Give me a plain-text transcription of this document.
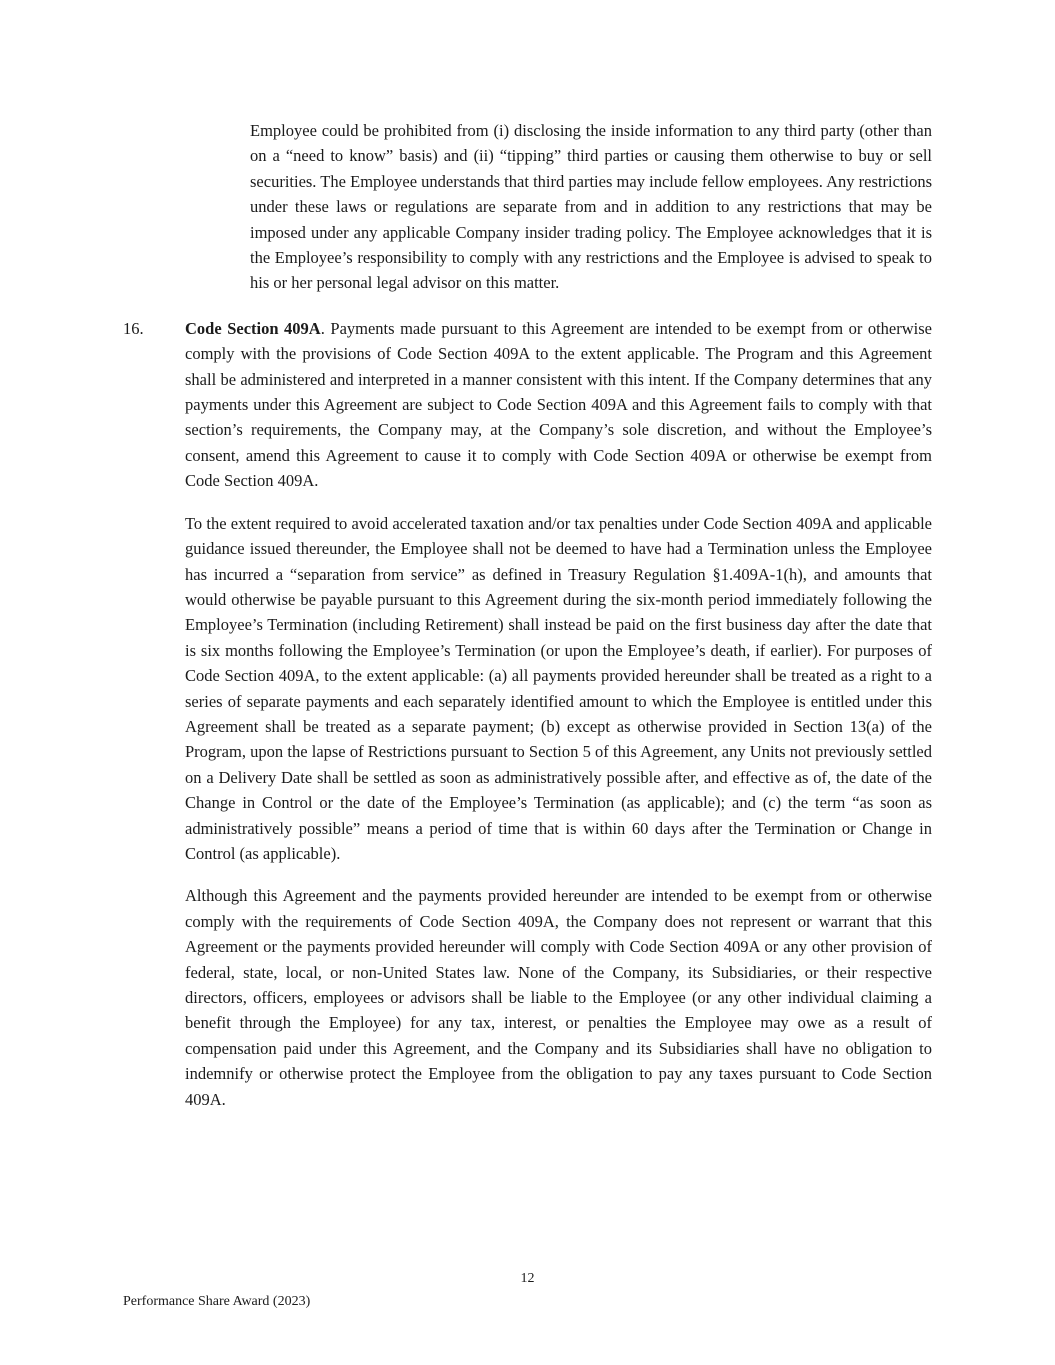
Employee could be prohibited from (i) disclosing the inside information to any third party (other than on a “need to know” basis) and (ii) “tipping” third parties or causing them otherwise to buy or sell securities. The Employee understands that third parties may include fellow employees. Any restrictions under these laws or regulations are separate from and in addition to any restrictions that may be imposed under any applicable Company insider trading policy. The Employee acknowledges that it is the Employee’s responsibility to comply with any restrictions and the Employee is advised to speak to his or her personal legal advisor on this matter.

16.	Code Section 409A. Payments made pursuant to this Agreement are intended to be exempt from or otherwise comply with the provisions of Code Section 409A to the extent applicable. The Program and this Agreement shall be administered and interpreted in a manner consistent with this intent. If the Company determines that any payments under this Agreement are subject to Code Section 409A and this Agreement fails to comply with that section’s requirements, the Company may, at the Company’s sole discretion, and without the Employee’s consent, amend this Agreement to cause it to comply with Code Section 409A or otherwise be exempt from Code Section 409A.

To the extent required to avoid accelerated taxation and/or tax penalties under Code Section 409A and applicable guidance issued thereunder, the Employee shall not be deemed to have had a Termination unless the Employee has incurred a “separation from service” as defined in Treasury Regulation §1.409A-1(h), and amounts that would otherwise be payable pursuant to this Agreement during the six-month period immediately following the Employee’s Termination (including Retirement) shall instead be paid on the first business day after the date that is six months following the Employee’s Termination (or upon the Employee’s death, if earlier). For purposes of Code Section 409A, to the extent applicable: (a) all payments provided hereunder shall be treated as a right to a series of separate payments and each separately identified amount to which the Employee is entitled under this Agreement shall be treated as a separate payment; (b) except as otherwise provided in Section 13(a) of the Program, upon the lapse of Restrictions pursuant to Section 5 of this Agreement, any Units not previously settled on a Delivery Date shall be settled as soon as administratively possible after, and effective as of, the date of the Change in Control or the date of the Employee’s Termination (as applicable); and (c) the term “as soon as administratively possible” means a period of time that is within 60 days after the Termination or Change in Control (as applicable).

Although this Agreement and the payments provided hereunder are intended to be exempt from or otherwise comply with the requirements of Code Section 409A, the Company does not represent or warrant that this Agreement or the payments provided hereunder will comply with Code Section 409A or any other provision of federal, state, local, or non-United States law. None of the Company, its Subsidiaries, or their respective directors, officers, employees or advisors shall be liable to the Employee (or any other individual claiming a benefit through the Employee) for any tax, interest, or penalties the Employee may owe as a result of compensation paid under this Agreement, and the Company and its Subsidiaries shall have no obligation to indemnify or otherwise protect the Employee from the obligation to pay any taxes pursuant to Code Section 409A.

12
Performance Share Award (2023)
